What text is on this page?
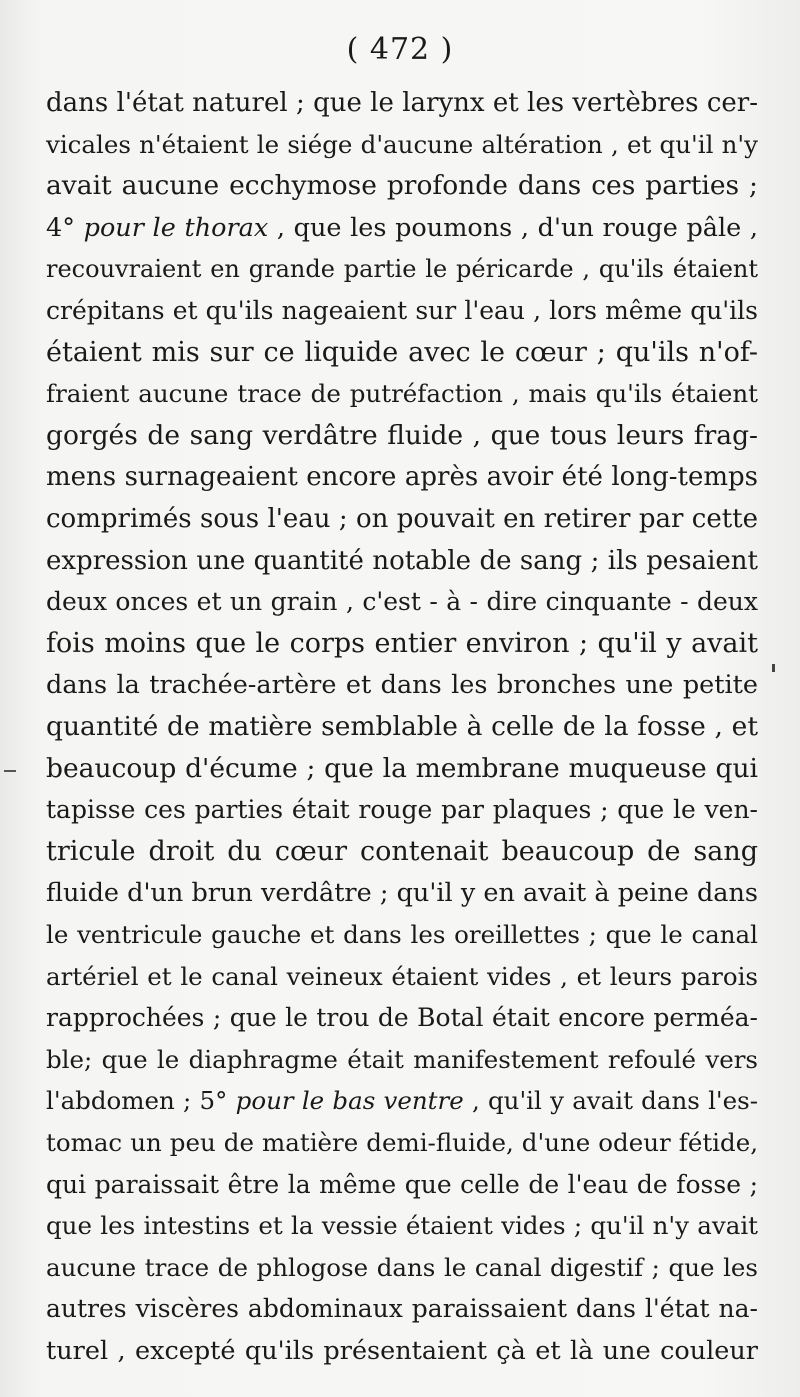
( 472 )
dans l'état naturel ; que le larynx et les vertèbres cer-
vicales n'étaient le siége d'aucune altération , et qu'il n'y
avait aucune ecchymose profonde dans ces parties ;
4° pour le thorax , que les poumons , d'un rouge pâle ,
recouvraient en grande partie le péricarde , qu'ils étaient
crépitans et qu'ils nageaient sur l'eau , lors même qu'ils
étaient mis sur ce liquide avec le cœur ; qu'ils n'of-
fraient aucune trace de putréfaction , mais qu'ils étaient
gorgés de sang verdâtre fluide , que tous leurs frag-
mens surnageaient encore après avoir été long-temps
comprimés sous l'eau ; on pouvait en retirer par cette
expression une quantité notable de sang ; ils pesaient
deux onces et un grain , c'est - à - dire cinquante - deux
fois moins que le corps entier environ ; qu'il y avait
dans la trachée-artère et dans les bronches une petite
quantité de matière semblable à celle de la fosse , et
beaucoup d'écume ; que la membrane muqueuse qui
tapisse ces parties était rouge par plaques ; que le ven-
tricule droit du cœur contenait beaucoup de sang
fluide d'un brun verdâtre ; qu'il y en avait à peine dans
le ventricule gauche et dans les oreillettes ; que le canal
artériel et le canal veineux étaient vides , et leurs parois
rapprochées ; que le trou de Botal était encore perméa-
ble; que le diaphragme était manifestement refoulé vers
l'abdomen ; 5° pour le bas ventre , qu'il y avait dans l'es-
tomac un peu de matière demi-fluide, d'une odeur fétide,
qui paraissait être la même que celle de l'eau de fosse ;
que les intestins et la vessie étaient vides ; qu'il n'y avait
aucune trace de phlogose dans le canal digestif ; que les
autres viscères abdominaux paraissaient dans l'état na-
turel , excepté qu'ils présentaient çà et là une couleur
